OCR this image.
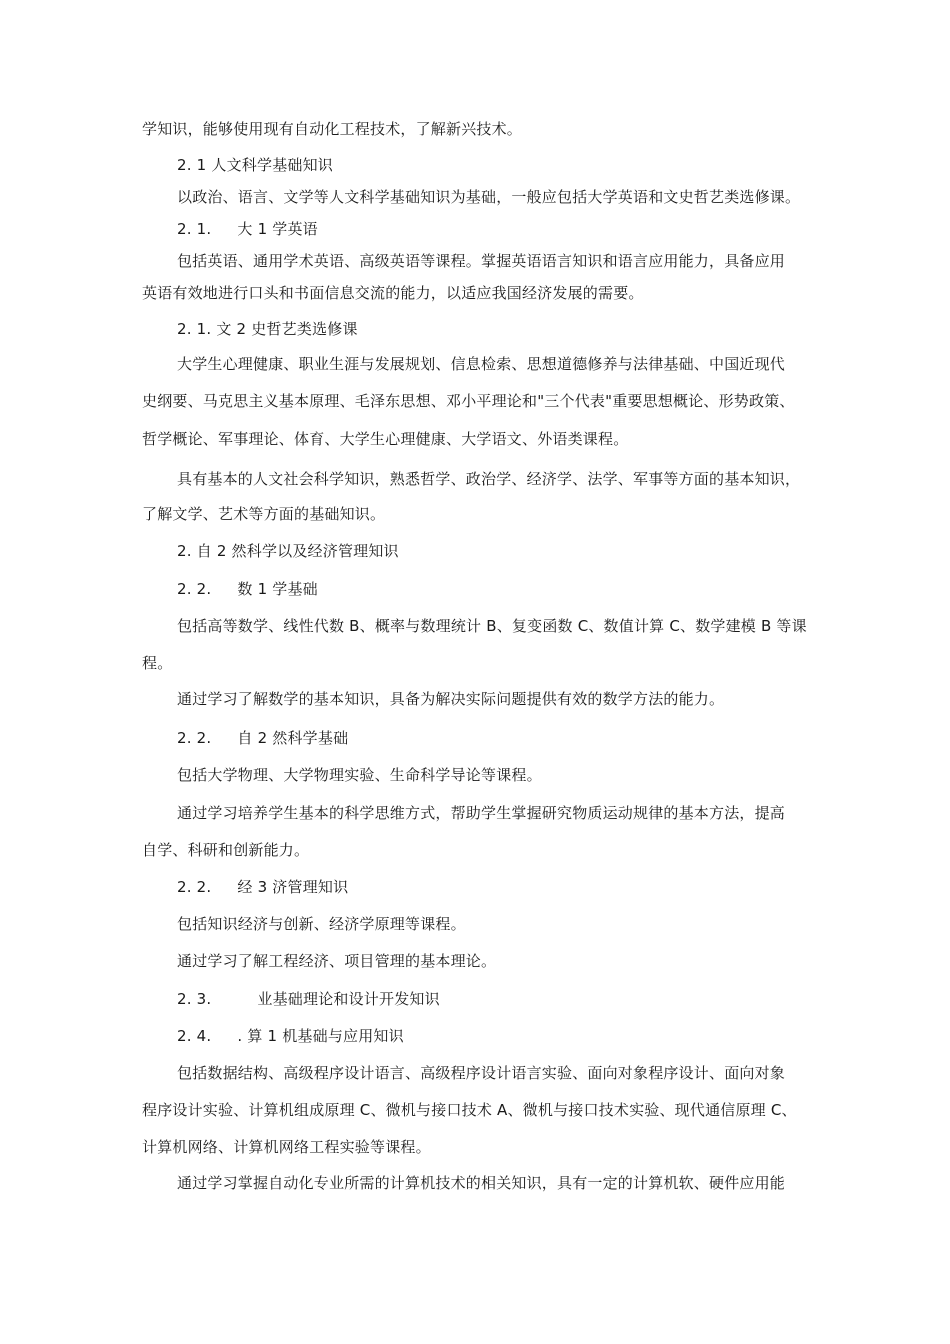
学知识，能够使用现有自动化工程技术，了解新兴技术。
2. 1 人文科学基础知识
以政治、语言、文学等人文科学基础知识为基础，一般应包括大学英语和文史哲艺类选修课。
2. 1. 大 1 学英语
包括英语、通用学术英语、高级英语等课程。掌握英语语言知识和语言应用能力，具备应用
英语有效地进行口头和书面信息交流的能力，以适应我国经济发展的需要。
2. 1. 文 2 史哲艺类选修课
大学生心理健康、职业生涯与发展规划、信息检索、思想道德修养与法律基础、中国近现代
史纲要、马克思主义基本原理、毛泽东思想、邓小平理论和"三个代表"重要思想概论、形势政策、
哲学概论、军事理论、体育、大学生心理健康、大学语文、外语类课程。
具有基本的人文社会科学知识，熟悉哲学、政治学、经济学、法学、军事等方面的基本知识，
了解文学、艺术等方面的基础知识。
2. 自 2 然科学以及经济管理知识
2. 2. 数 1 学基础
包括高等数学、线性代数 B、概率与数理统计 B、复变函数 C、数值计算 C、数学建模 B 等课
程。
通过学习了解数学的基本知识，具备为解决实际问题提供有效的数学方法的能力。
2. 2. 自 2 然科学基础
包括大学物理、大学物理实验、生命科学导论等课程。
通过学习培养学生基本的科学思维方式，帮助学生掌握研究物质运动规律的基本方法，提高
自学、科研和创新能力。
2. 2. 经 3 济管理知识
包括知识经济与创新、经济学原理等课程。
通过学习了解工程经济、项目管理的基本理论。
2. 3.	业基础理论和设计开发知识
2. 4. . 算 1 机基础与应用知识
包括数据结构、高级程序设计语言、高级程序设计语言实验、面向对象程序设计、面向对象
程序设计实验、计算机组成原理 C、微机与接口技术 A、微机与接口技术实验、现代通信原理 C、
计算机网络、计算机网络工程实验等课程。
通过学习掌握自动化专业所需的计算机技术的相关知识，具有一定的计算机软、硬件应用能
